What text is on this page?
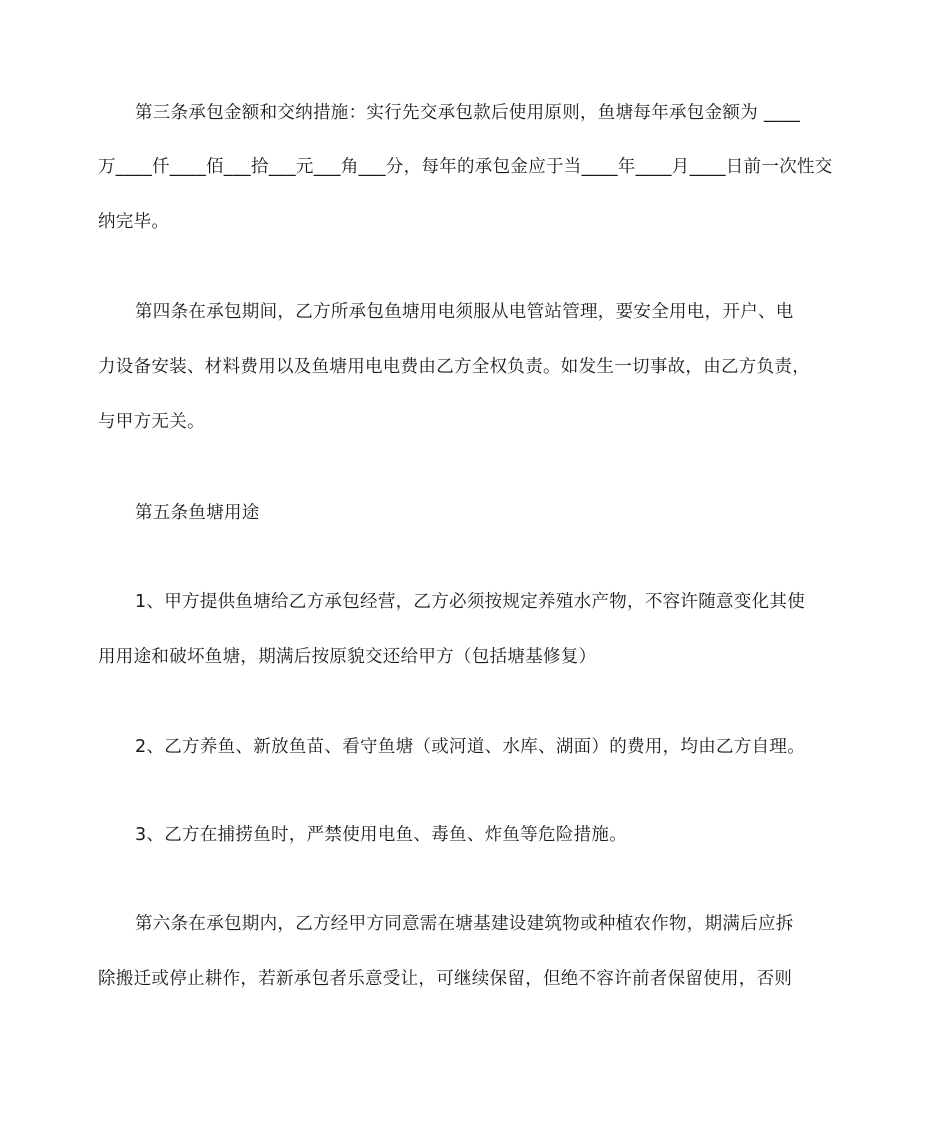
第三条承包金额和交纳措施：实行先交承包款后使用原则，鱼塘每年承包金额为 ____
万____仟____佰___拾___元___角___分，每年的承包金应于当____年____月____日前一次性交
纳完毕。
第四条在承包期间，乙方所承包鱼塘用电须服从电管站管理，要安全用电，开户、电
力设备安装、材料费用以及鱼塘用电电费由乙方全权负责。如发生一切事故，由乙方负责，
与甲方无关。
第五条鱼塘用途
1、甲方提供鱼塘给乙方承包经营，乙方必须按规定养殖水产物，不容许随意变化其使
用用途和破坏鱼塘，期满后按原貌交还给甲方（包括塘基修复）
2、乙方养鱼、新放鱼苗、看守鱼塘（或河道、水库、湖面）的费用，均由乙方自理。
3、乙方在捕捞鱼时，严禁使用电鱼、毒鱼、炸鱼等危险措施。
第六条在承包期内，乙方经甲方同意需在塘基建设建筑物或种植农作物，期满后应拆
除搬迁或停止耕作，若新承包者乐意受让，可继续保留，但绝不容许前者保留使用，否则
